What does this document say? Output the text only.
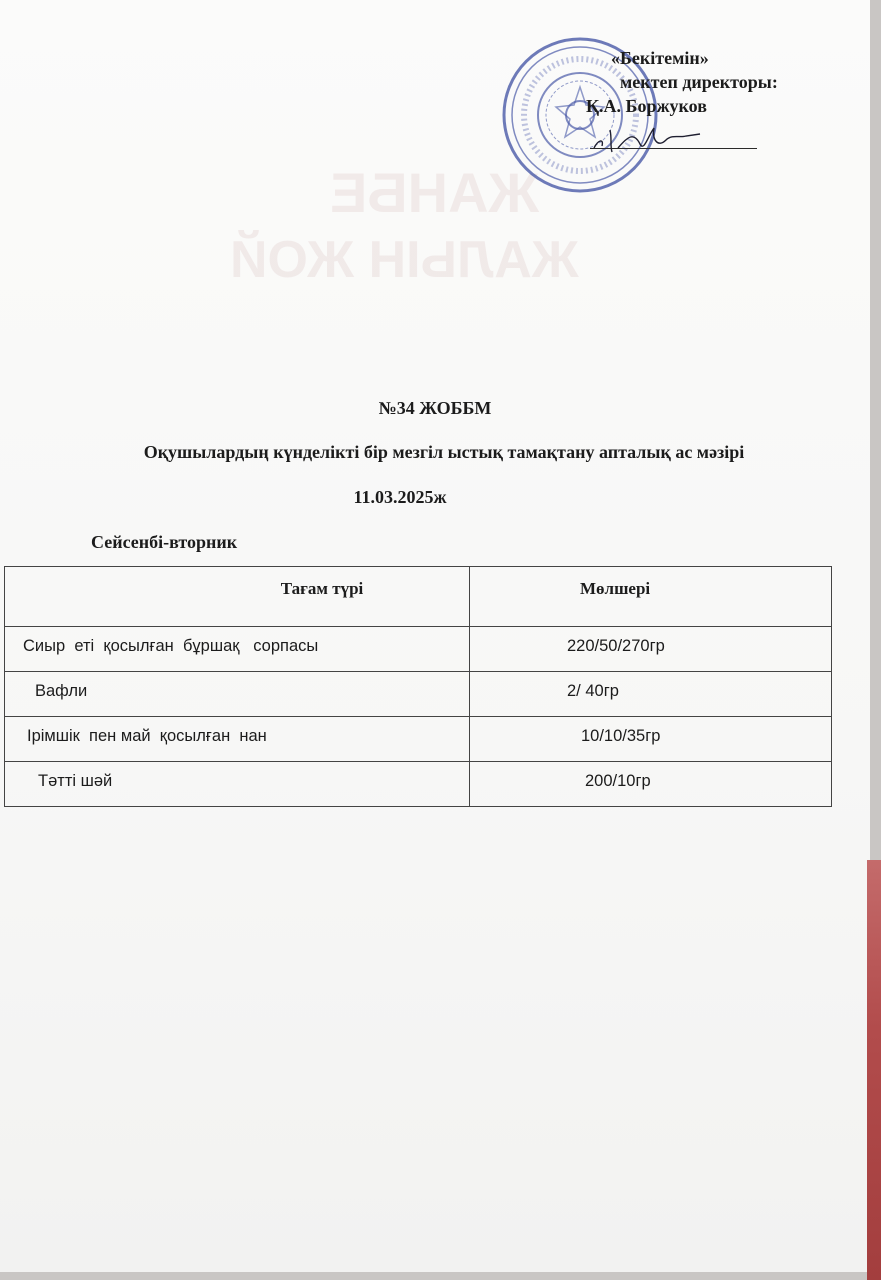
ЖАНБЕ
ЖАЛЫН ЖОЙ
«Бекітемін»
мектеп директоры:
Қ.А. Боржуков
№34 ЖОББМ
Оқушылардың күнделікті бір мезгіл ыстық тамақтану апталық ас мәзірі
11.03.2025ж
Сейсенбі-вторник
Тағам түрі	Мөлшері

Сиыр  еті  қосылған  бұршақ   сорпасы	220/50/270гр

Вафли	2/ 40гр

Ірімшік  пен май  қосылған  нан	10/10/35гр

Тәтті шәй	200/10гр
